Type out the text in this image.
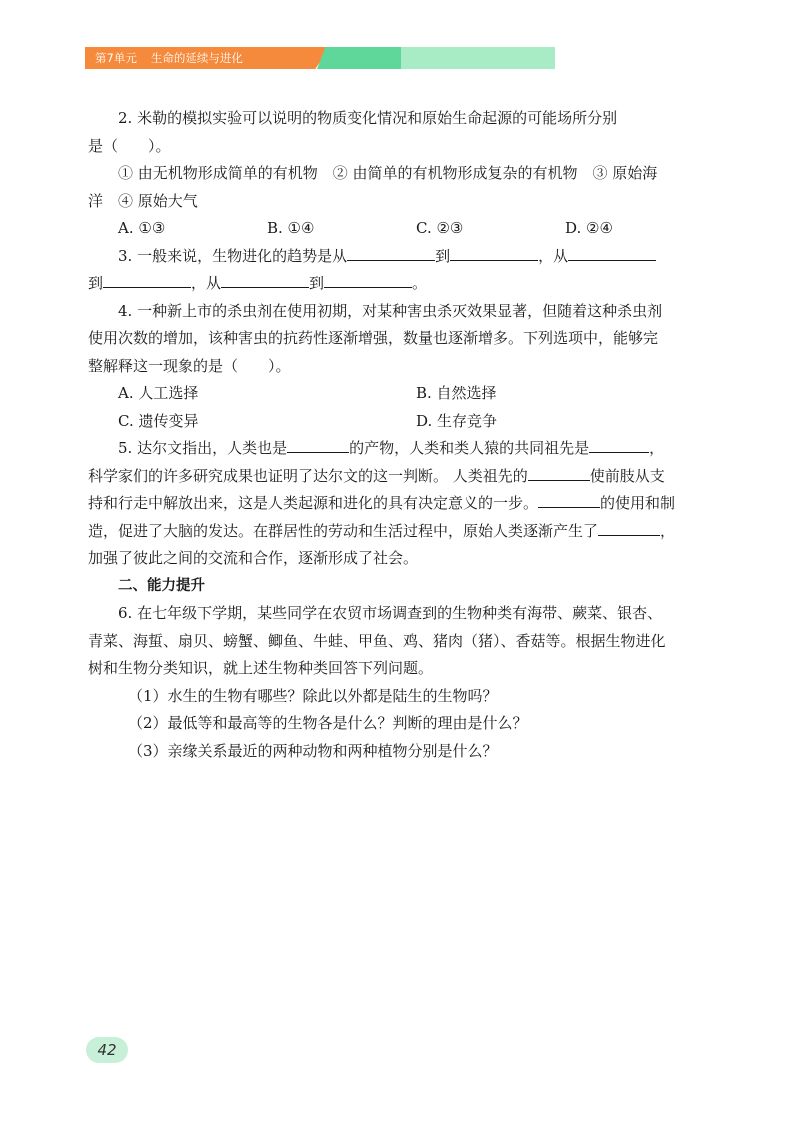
第7单元 生命的延续与进化
2. 米勒的模拟实验可以说明的物质变化情况和原始生命起源的可能场所分别
是（　　）。
① 由无机物形成简单的有机物　② 由简单的有机物形成复杂的有机物　③ 原始海
洋　④ 原始大气
A. ①③	B. ①④	C. ②③	D. ②④
3. 一般来说，生物进化的趋势是从	到	，从
到	，从	到	。
4. 一种新上市的杀虫剂在使用初期，对某种害虫杀灭效果显著，但随着这种杀虫剂
使用次数的增加，该种害虫的抗药性逐渐增强，数量也逐渐增多。下列选项中，能够完
整解释这一现象的是（　　）。
A. 人工选择	B. 自然选择
C. 遗传变异	D. 生存竞争
5. 达尔文指出，人类也是	的产物，人类和类人猿的共同祖先是	，
科学家们的许多研究成果也证明了达尔文的这一判断。 人类祖先的	使前肢从支
持和行走中解放出来，这是人类起源和进化的具有决定意义的一步。	的使用和制
造，促进了大脑的发达。在群居性的劳动和生活过程中，原始人类逐渐产生了	，
加强了彼此之间的交流和合作，逐渐形成了社会。
二、能力提升
6. 在七年级下学期，某些同学在农贸市场调查到的生物种类有海带、蕨菜、银杏、
青菜、海蜇、扇贝、螃蟹、鲫鱼、牛蛙、甲鱼、鸡、猪肉（猪）、香菇等。根据生物进化
树和生物分类知识，就上述生物种类回答下列问题。
（1）水生的生物有哪些？除此以外都是陆生的生物吗？
（2）最低等和最高等的生物各是什么？判断的理由是什么？
（3）亲缘关系最近的两种动物和两种植物分别是什么？
42
